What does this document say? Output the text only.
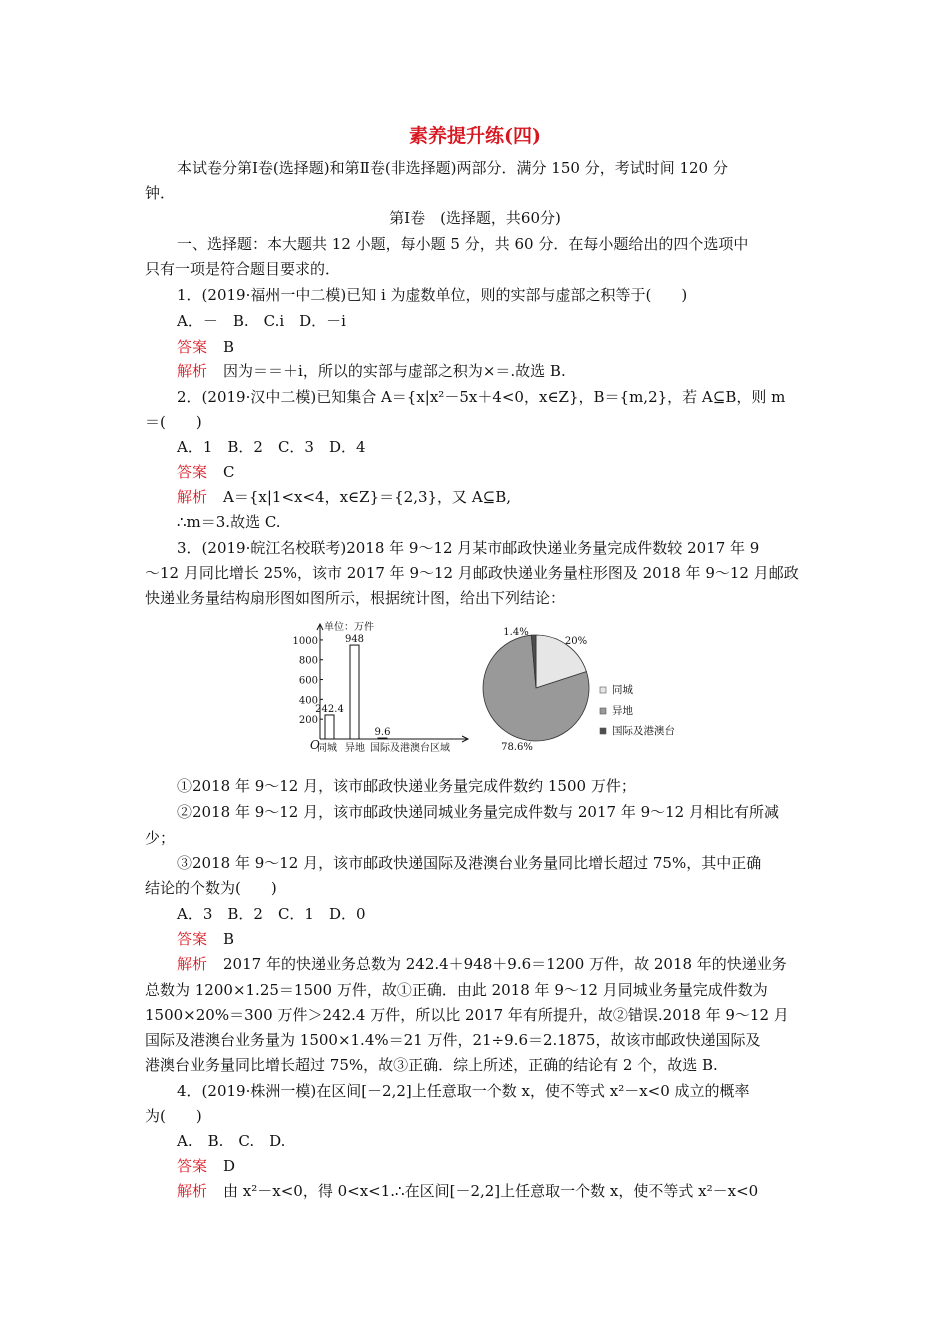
素养提升练(四)
本试卷分第Ⅰ卷(选择题)和第Ⅱ卷(非选择题)两部分．满分 150 分，考试时间 120 分
钟．
第Ⅰ卷　(选择题，共60分)
一、选择题：本大题共 12 小题，每小题 5 分，共 60 分．在每小题给出的四个选项中
只有一项是符合题目要求的．
1．(2019·福州一中二模)已知 i 为虚数单位，则的实部与虚部之积等于(　　)
A．－　B.　C.i　D．－i
答案 B
解析 因为＝＝＋i，所以的实部与虚部之积为×＝.故选 B.
2．(2019·汉中二模)已知集合 A＝{x|x²－5x＋4<0，x∈Z}，B＝{m,2}，若 A⊆B，则 m
＝(　　)
A．1　B．2　C．3　D．4
答案 C
解析 A＝{x|1<x<4，x∈Z}＝{2,3}，又 A⊆B,
∴m＝3.故选 C.
3．(2019·皖江名校联考)2018 年 9～12 月某市邮政快递业务量完成件数较 2017 年 9
～12 月同比增长 25%，该市 2017 年 9～12 月邮政快递业务量柱形图及 2018 年 9～12 月邮政
快递业务量结构扇形图如图所示，根据统计图，给出下列结论：
200
400
600
800
1000
单位：万件
O
242.4
同城
948
异地
9.6
国际及港澳台区域
20%
78.6%
1.4%
同城
异地
国际及港澳台
①2018 年 9～12 月，该市邮政快递业务量完成件数约 1500 万件；
②2018 年 9～12 月，该市邮政快递同城业务量完成件数与 2017 年 9～12 月相比有所减
少；
③2018 年 9～12 月，该市邮政快递国际及港澳台业务量同比增长超过 75%，其中正确
结论的个数为(　　)
A．3　B．2　C．1　D．0
答案 B
解析 2017 年的快递业务总数为 242.4＋948＋9.6＝1200 万件，故 2018 年的快递业务
总数为 1200×1.25＝1500 万件，故①正确．由此 2018 年 9～12 月同城业务量完成件数为
1500×20%＝300 万件＞242.4 万件，所以比 2017 年有所提升，故②错误.2018 年 9～12 月
国际及港澳台业务量为 1500×1.4%＝21 万件，21÷9.6＝2.1875，故该市邮政快递国际及
港澳台业务量同比增长超过 75%，故③正确．综上所述，正确的结论有 2 个，故选 B.
4．(2019·株洲一模)在区间[－2,2]上任意取一个数 x，使不等式 x²－x<0 成立的概率
为(　　)
A.　B.　C.　D.
答案 D
解析 由 x²－x<0，得 0<x<1.∴在区间[－2,2]上任意取一个数 x，使不等式 x²－x<0
